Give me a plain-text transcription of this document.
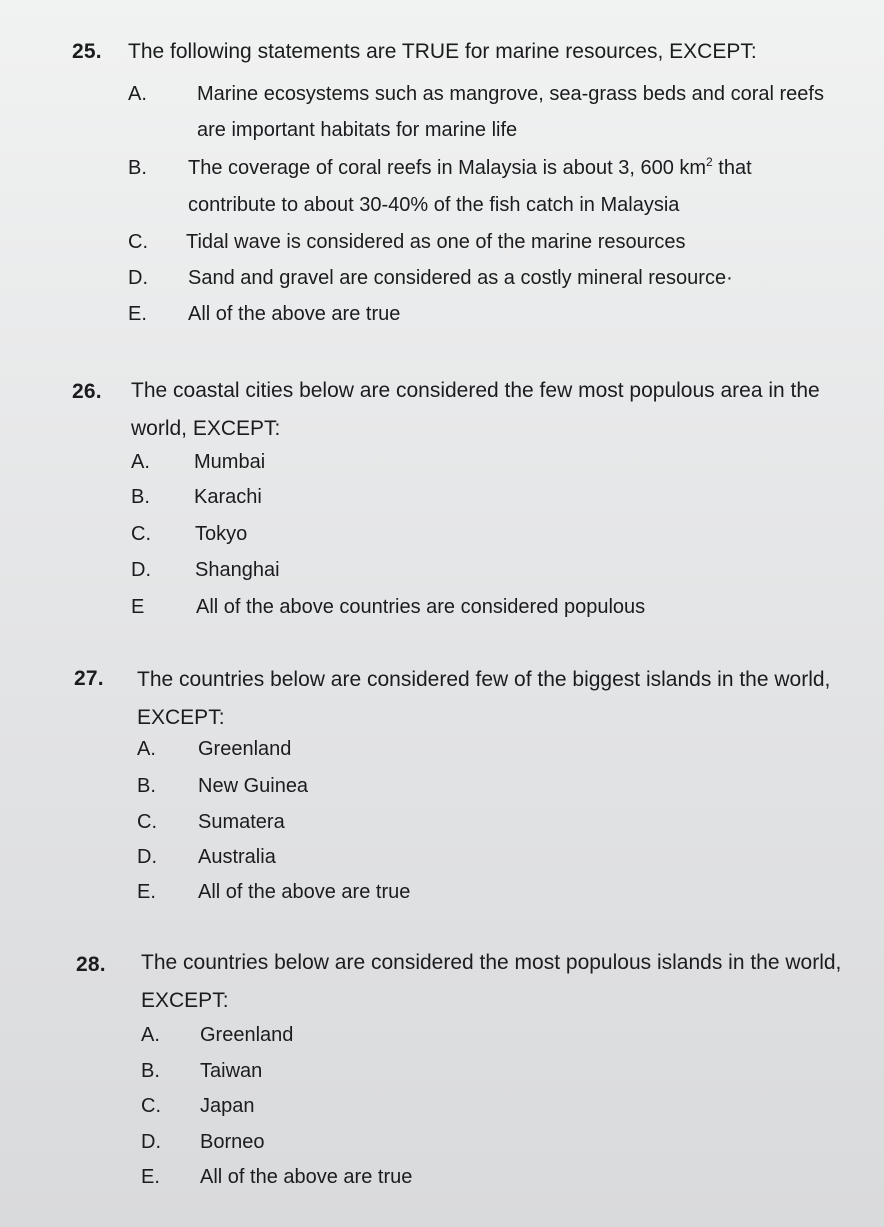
25. The following statements are TRUE for marine resources, EXCEPT:
A.	Marine ecosystems such as mangrove, sea-grass beds and coral reefs
are important habitats for marine life
B. The coverage of coral reefs in Malaysia is about 3, 600 $km^2$ that
contribute to about 30-40% of the fish catch in Malaysia
C. Tidal wave is considered as one of the marine resources
D. Sand and gravel are considered as a costly mineral resource·
E. All of the above are true
26. The coastal cities below are considered the few most populous area in the
world, EXCEPT:
A. Mumbai
B. Karachi
C. Tokyo
D. Shanghai
E	All of the above countries are considered populous
27. The countries below are considered few of the biggest islands in the world,
EXCEPT:
A. Greenland
B. New Guinea
C. Sumatera
D. Australia
E. All of the above are true
28. The countries below are considered the most populous islands in the world,
EXCEPT:
A. Greenland
B. Taiwan
C. Japan
D. Borneo
E. All of the above are true
